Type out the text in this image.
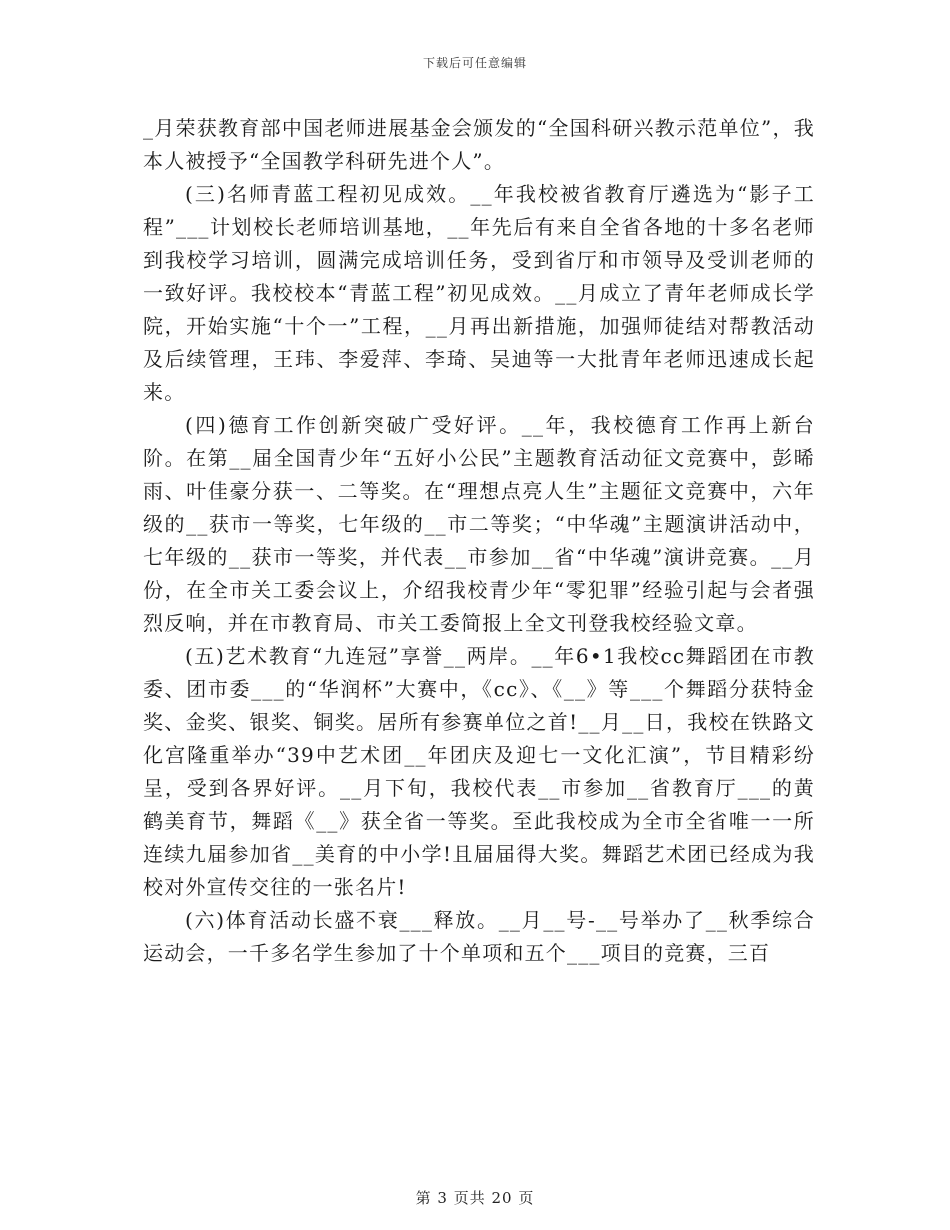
下载后可任意编辑

_月荣获教育部中国老师进展基金会颁发的“全国科研兴教示范单位”，我本人被授予“全国教学科研先进个人”。

(三)名师青蓝工程初见成效。__年我校被省教育厅遴选为“影子工程”___计划校长老师培训基地，__年先后有来自全省各地的十多名老师到我校学习培训，圆满完成培训任务，受到省厅和市领导及受训老师的一致好评。我校校本“青蓝工程”初见成效。__月成立了青年老师成长学院，开始实施“十个一”工程，__月再出新措施，加强师徒结对帮教活动及后续管理，王玮、李爱萍、李琦、吴迪等一大批青年老师迅速成长起来。

(四)德育工作创新突破广受好评。__年，我校德育工作再上新台阶。在第__届全国青少年“五好小公民”主题教育活动征文竞赛中，彭晞雨、叶佳豪分获一、二等奖。在“理想点亮人生”主题征文竞赛中，六年级的__获市一等奖，七年级的__市二等奖；“中华魂”主题演讲活动中，七年级的__获市一等奖，并代表__市参加__省“中华魂”演讲竞赛。__月份，在全市关工委会议上，介绍我校青少年“零犯罪”经验引起与会者强烈反响，并在市教育局、市关工委简报上全文刊登我校经验文章。

(五)艺术教育“九连冠”享誉__两岸。__年6•1我校cc舞蹈团在市教委、团市委___的“华润杯”大赛中，《cc》、《__》等___个舞蹈分获特金奖、金奖、银奖、铜奖。居所有参赛单位之首!__月__日，我校在铁路文化宫隆重举办“39中艺术团__年团庆及迎七一文化汇演”，节目精彩纷呈，受到各界好评。__月下旬，我校代表__市参加__省教育厅___的黄鹤美育节，舞蹈《__》获全省一等奖。至此我校成为全市全省唯一一所连续九届参加省__美育的中小学!且届届得大奖。舞蹈艺术团已经成为我校对外宣传交往的一张名片!

(六)体育活动长盛不衰___释放。__月__号-__号举办了__秋季综合运动会，一千多名学生参加了十个单项和五个___项目的竞赛，三百

第 3 页共 20 页
